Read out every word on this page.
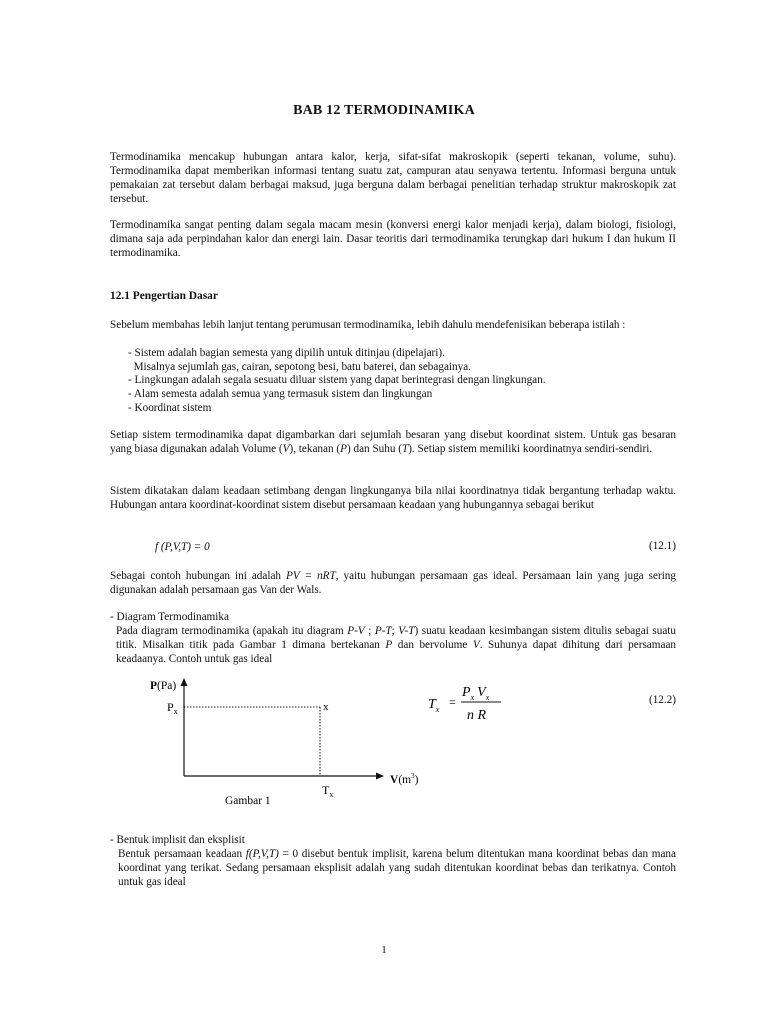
BAB 12 TERMODINAMIKA

Termodinamika mencakup hubungan antara kalor, kerja, sifat-sifat makroskopik (seperti tekanan, volume, suhu). Termodinamika dapat memberikan informasi tentang suatu zat, campuran atau senyawa tertentu. Informasi berguna untuk pemakaian zat tersebut dalam berbagai maksud, juga berguna dalam berbagai penelitian terhadap struktur makroskopik zat tersebut.

Termodinamika sangat penting dalam segala macam mesin (konversi energi kalor menjadi kerja), dalam biologi, fisiologi, dimana saja ada perpindahan kalor dan energi lain. Dasar teoritis dari termodinamika terungkap dari hukum I dan hukum II termodinamika.

12.1 Pengertian Dasar

Sebelum membahas lebih lanjut tentang perumusan termodinamika, lebih dahulu mendefenisikan beberapa istilah :

- Sistem adalah bagian semesta yang dipilih untuk ditinjau (dipelajari).
Misalnya sejumlah gas, cairan, sepotong besi, batu baterei, dan sebagainya.
- Lingkungan adalah segala sesuatu diluar sistem yang dapat berintegrasi dengan lingkungan.
- Alam semesta adalah semua yang termasuk sistem dan lingkungan
- Koordinat sistem

Setiap sistem termodinamika dapat digambarkan dari sejumlah besaran yang disebut koordinat sistem. Untuk gas besaran yang biasa digunakan adalah Volume (V), tekanan (P) dan Suhu (T). Setiap sistem memiliki koordinatnya sendiri-sendiri.

Sistem dikatakan dalam keadaan setimbang dengan lingkunganya bila nilai koordinatnya tidak bergantung terhadap waktu. Hubungan antara koordinat-koordinat sistem disebut persamaan keadaan yang hubungannya sebagai berikut

f (P,V,T) = 0	(12.1)

Sebagai contoh hubungan ini adalah PV = nRT, yaitu hubungan persamaan gas ideal. Persamaan lain yang juga sering digunakan adalah persamaan gas Van der Wals.

- Diagram Termodinamika

Pada diagram termodinamika (apakah itu diagram P-V ; P-T; V-T) suatu keadaan kesimbangan sistem ditulis sebagai suatu titik. Misalkan titik pada Gambar 1 dimana bertekanan P dan bervolume V. Suhunya dapat dihitung dari persamaan keadaanya. Contoh untuk gas ideal

P(Pa)
$P_x$	x
$T_x$
$V(m^3)$
Gambar 1
$T_x$
=
$P_x$ $V_x$
n R
(12.2)
- Bentuk implisit dan eksplisit

Bentuk persamaan keadaan f(P,V,T) = 0 disebut bentuk implisit, karena belum ditentukan mana koordinat bebas dan mana koordinat yang terikat. Sedang persamaan eksplisit adalah yang sudah ditentukan koordinat bebas dan terikatnya. Contoh untuk gas ideal

1
